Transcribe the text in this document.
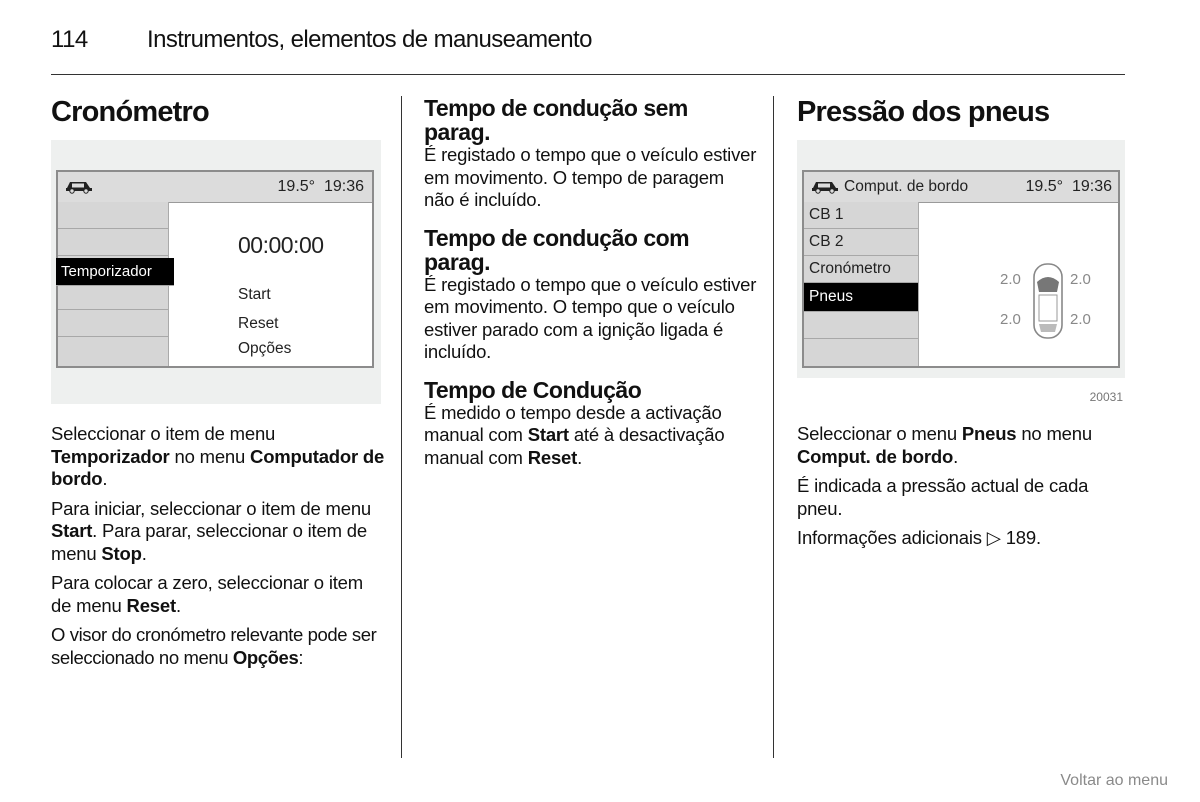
114 Instrumentos, elementos de manuseamento
Cronómetro
19.5° 19:36
Temporizador
00:00:00
Start
Reset
Opções

Seleccionar o item de menu Temporizador no menu Computador de bordo.

Para iniciar, seleccionar o item de menu Start. Para parar, seleccionar o item de menu Stop.

Para colocar a zero, seleccionar o item de menu Reset.

O visor do cronómetro relevante pode ser seleccionado no menu Opções:

Tempo de condução sem parag.

É registado o tempo que o veículo estiver em movimento. O tempo de paragem não é incluído.

Tempo de condução com parag.

É registado o tempo que o veículo estiver em movimento. O tempo que o veículo estiver parado com a ignição ligada é incluído.

Tempo de Condução

É medido o tempo desde a activação manual com Start até à desactivação manual com Reset.

Pressão dos pneus
Comput. de bordo	19.5° 19:36
CB 1
CB 2
Cronómetro
Pneus
2.0	2.0
2.0	2.0
20031

Seleccionar o menu Pneus no menu Comput. de bordo.

É indicada a pressão actual de cada pneu.

Informações adicionais ▷ 189.

Voltar ao menu
